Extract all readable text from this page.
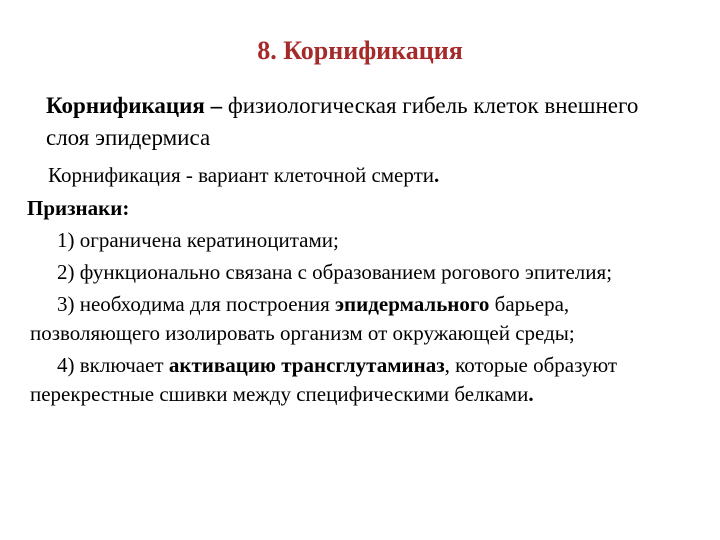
8. Корнификация
Корнификация – физиологическая гибель клеток внешнего слоя эпидермиса
Корнификация - вариант клеточной смерти.
Признаки:
1) ограничена кератиноцитами;
2) функционально связана с образованием рогового эпителия;
3) необходима для построения эпидермального барьера, позволяющего изолировать организм от окружающей среды;
4) включает активацию трансглутаминаз, которые образуют перекрестные сшивки между специфическими белками.
